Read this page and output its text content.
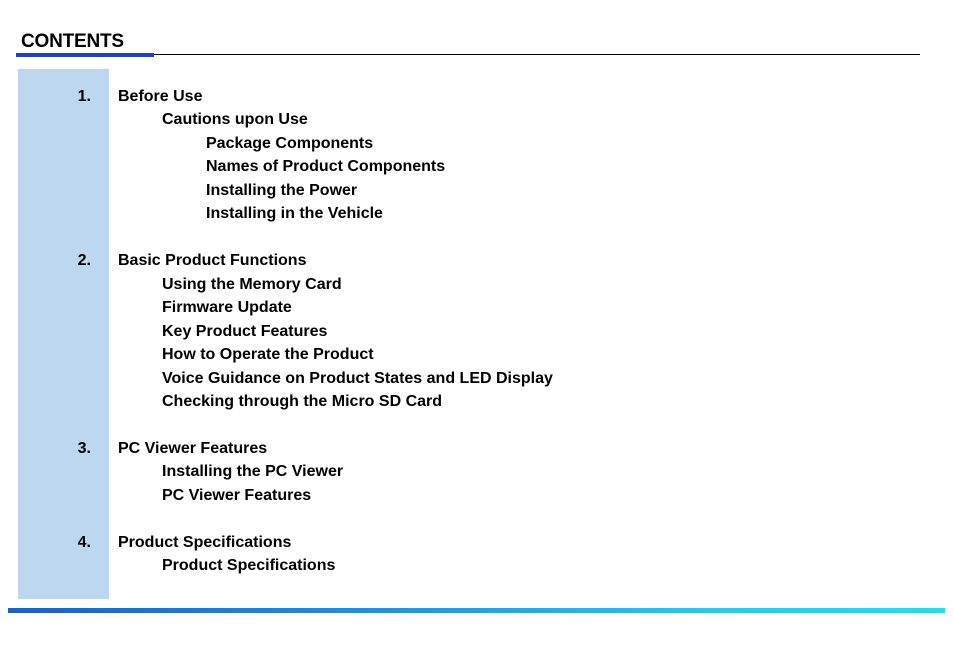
CONTENTS
1. Before Use
Cautions upon Use
Package Components
Names of Product Components
Installing the Power
Installing in the Vehicle
2. Basic Product Functions
Using the Memory Card
Firmware Update
Key Product Features
How to Operate the Product
Voice Guidance on Product States and LED Display
Checking through the Micro SD Card
3. PC Viewer Features
Installing the PC Viewer
PC Viewer Features
4. Product Specifications
Product Specifications
